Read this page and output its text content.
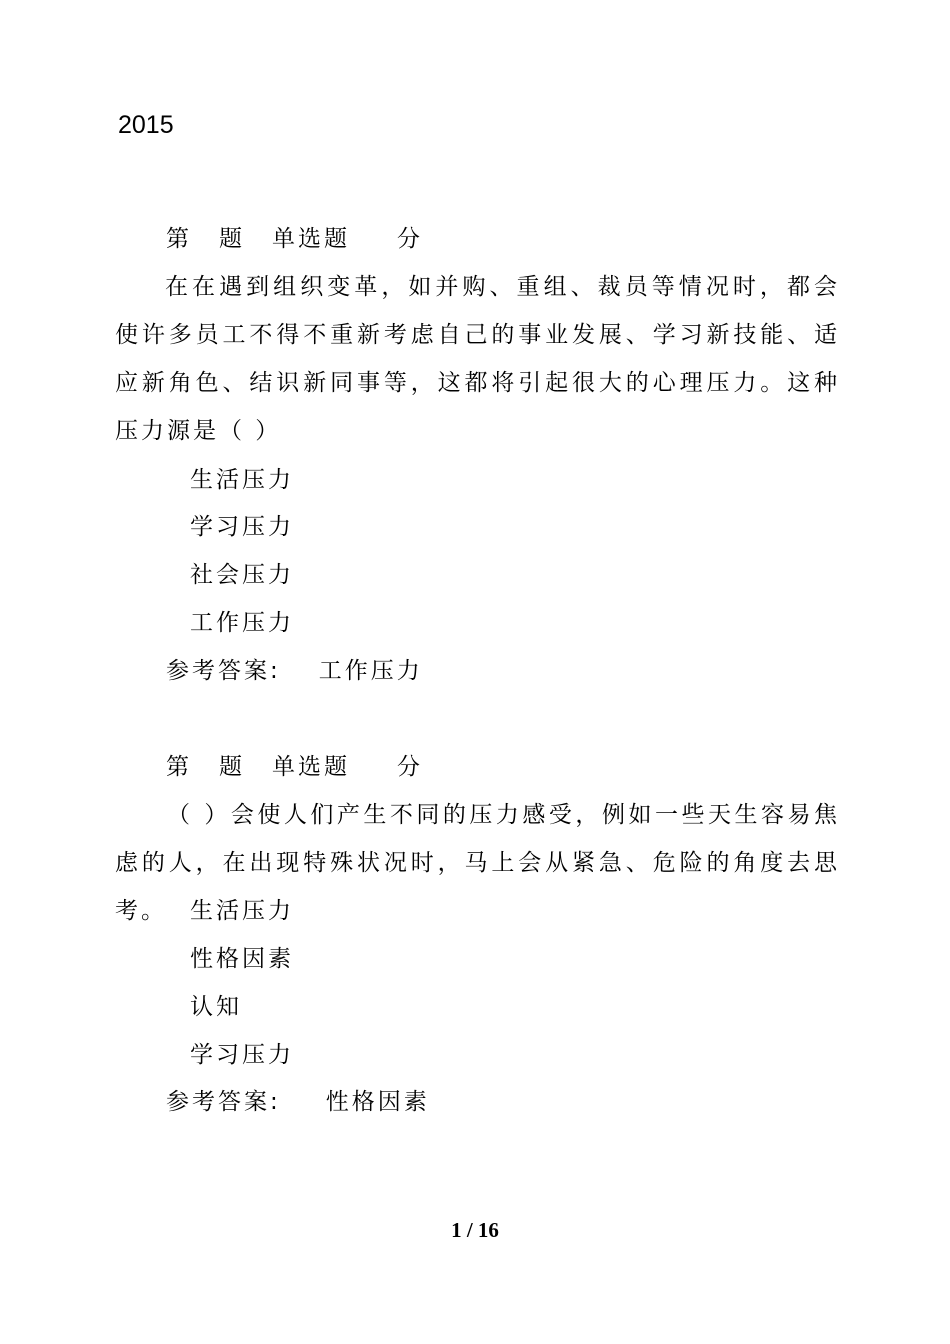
2015
第 题 单选题 分
在在遇到组织变革，如并购、重组、裁员等情况时，都会使许多员工不得不重新考虑自己的事业发展、学习新技能、适应新角色、结识新同事等，这都将引起很大的心理压力。这种压力源是（ ）
生活压力
学习压力
社会压力
工作压力
参考答案: 工作压力
第 题 单选题 分
（ ）会使人们产生不同的压力感受，例如一些天生容易焦虑的人，在出现特殊状况时，马上会从紧急、危险的角度去思考。	生活压力
性格因素
认知
学习压力
参考答案: 性格因素
1 / 16
